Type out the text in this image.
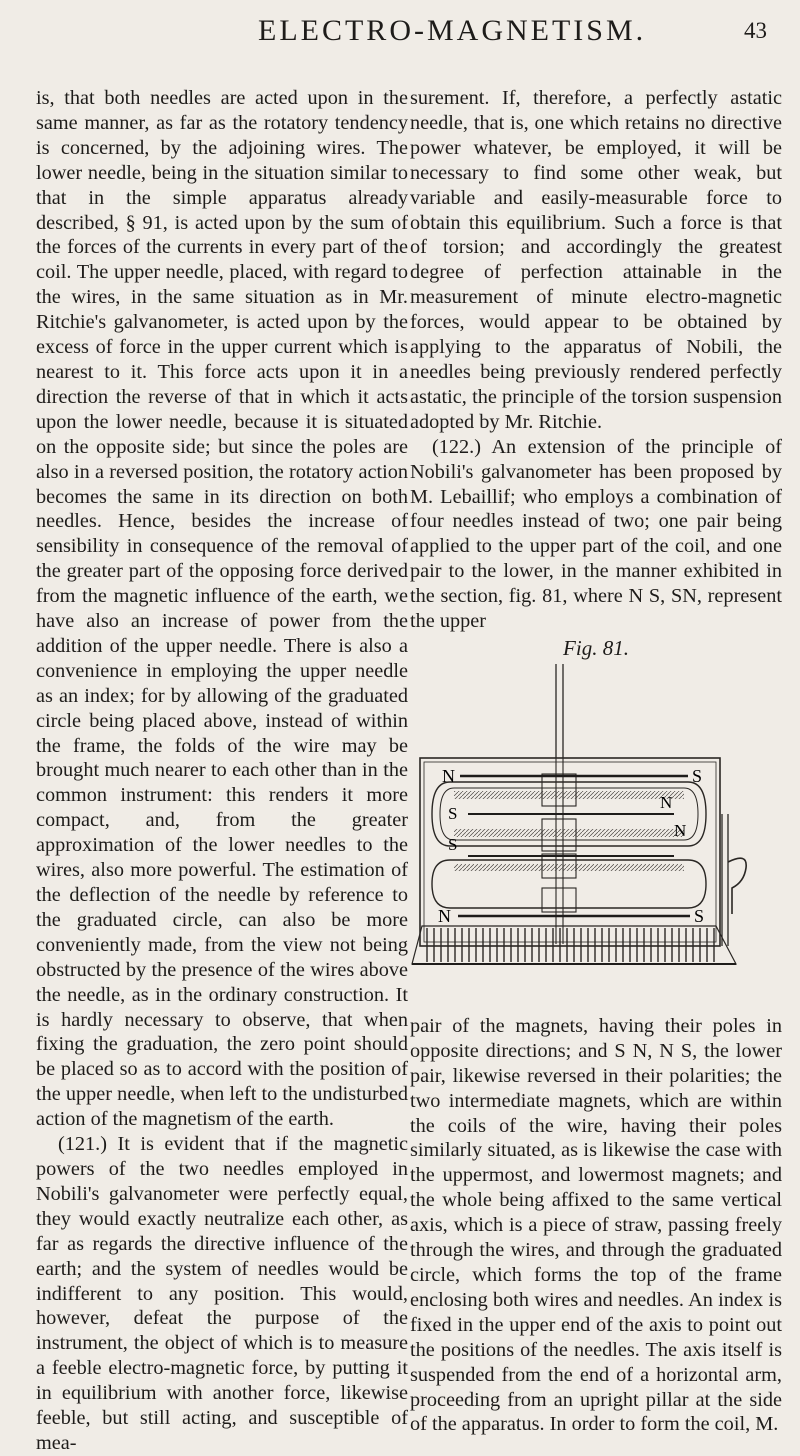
ELECTRO-MAGNETISM.	43

is, that both needles are acted upon in the same manner, as far as the rotatory tendency is concerned, by the adjoining wires. The lower needle, being in the situation similar to that in the simple apparatus already described, § 91, is acted upon by the sum of the forces of the currents in every part of the coil. The upper needle, placed, with regard to the wires, in the same situation as in Mr. Ritchie's galvanometer, is acted upon by the excess of force in the upper current which is nearest to it. This force acts upon it in a direction the reverse of that in which it acts upon the lower needle, because it is situated on the opposite side; but since the poles are also in a reversed position, the rotatory action becomes the same in its direction on both needles. Hence, besides the increase of sensibility in consequence of the removal of the greater part of the opposing force derived from the magnetic influence of the earth, we have also an increase of power from the addition of the upper needle. There is also a convenience in employing the upper needle as an index; for by allowing of the graduated circle being placed above, instead of within the frame, the folds of the wire may be brought much nearer to each other than in the common instrument: this renders it more compact, and, from the greater approximation of the lower needles to the wires, also more powerful. The estimation of the deflection of the needle by reference to the graduated circle, can also be more conveniently made, from the view not being obstructed by the presence of the wires above the needle, as in the ordinary construction. It is hardly necessary to observe, that when fixing the graduation, the zero point should be placed so as to accord with the position of the upper needle, when left to the undisturbed action of the magnetism of the earth.

(121.) It is evident that if the magnetic powers of the two needles employed in Nobili's galvanometer were perfectly equal, they would exactly neutralize each other, as far as regards the directive influence of the earth; and the system of needles would be indifferent to any position. This would, however, defeat the purpose of the instrument, the object of which is to measure a feeble electro-magnetic force, by putting it in equilibrium with another force, likewise feeble, but still acting, and susceptible of mea-

surement. If, therefore, a perfectly astatic needle, that is, one which retains no directive power whatever, be employed, it will be necessary to find some other weak, but variable and easily-measurable force to obtain this equilibrium. Such a force is that of torsion; and accordingly the greatest degree of perfection attainable in the measurement of minute electro-magnetic forces, would appear to be obtained by applying to the apparatus of Nobili, the needles being previously rendered perfectly astatic, the principle of the torsion suspension adopted by Mr. Ritchie.

(122.) An extension of the principle of Nobili's galvanometer has been proposed by M. Lebaillif; who employs a combination of four needles instead of two; one pair being applied to the upper part of the coil, and one pair to the lower, in the manner exhibited in the section, fig. 81, where N S, SN, represent the upper

Fig. 81.
N	S
S
N
S
N
N	S

pair of the magnets, having their poles in opposite directions; and S N, N S, the lower pair, likewise reversed in their polarities; the two intermediate magnets, which are within the coils of the wire, having their poles similarly situated, as is likewise the case with the uppermost, and lowermost magnets; and the whole being affixed to the same vertical axis, which is a piece of straw, passing freely through the wires, and through the graduated circle, which forms the top of the frame enclosing both wires and needles. An index is fixed in the upper end of the axis to point out the positions of the needles. The axis itself is suspended from the end of a horizontal arm, proceeding from an upright pillar at the side of the apparatus. In order to form the coil, M.
